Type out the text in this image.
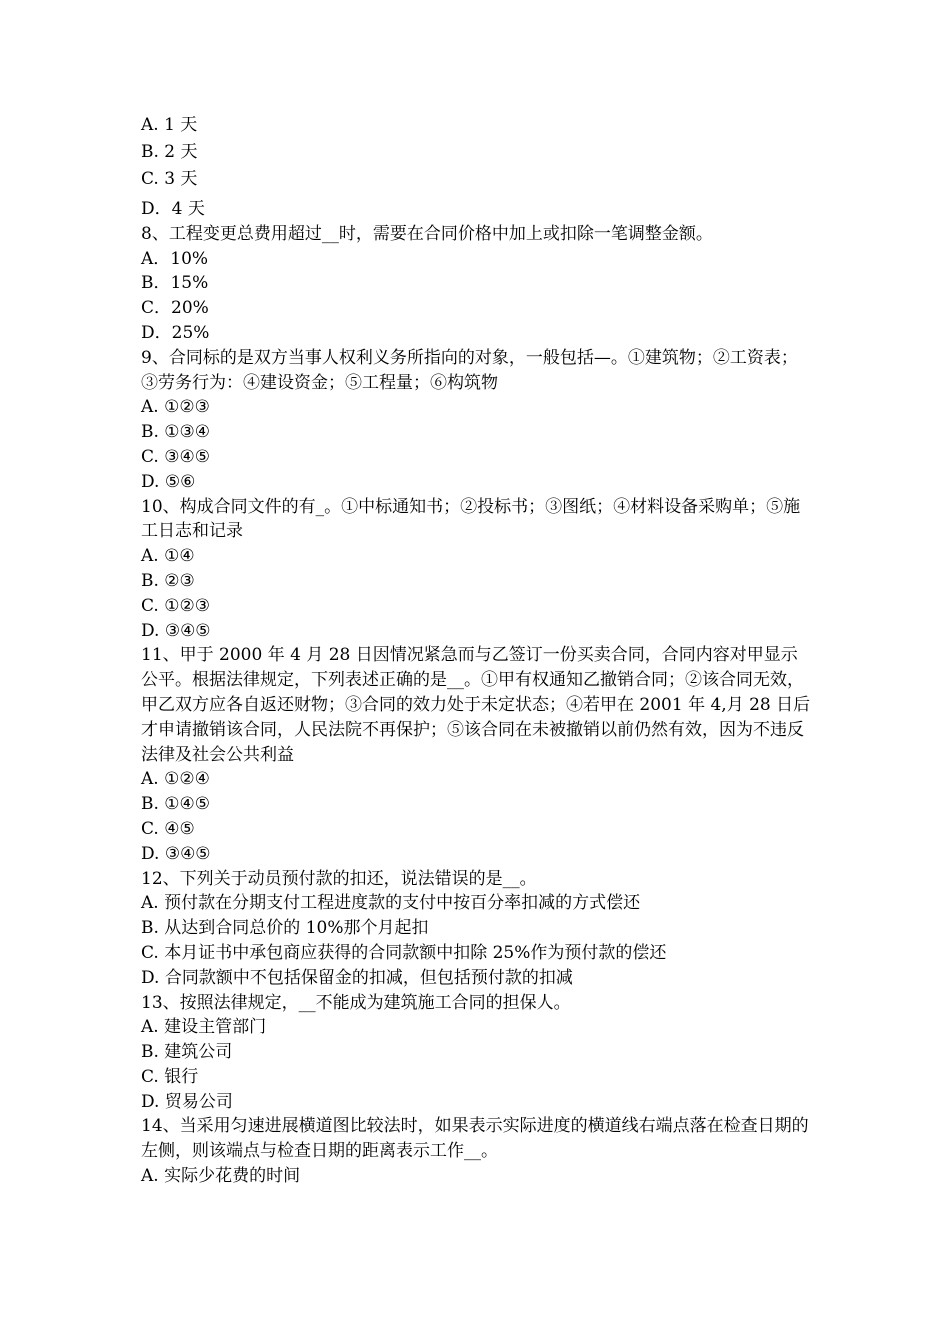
A. 1 天
B. 2 天
C. 3 天
D．4 天
8、工程变更总费用超过__时，需要在合同价格中加上或扣除一笔调整金额。
A．10%
B．15%
C．20%
D．25%
9、合同标的是双方当事人权利义务所指向的对象，一般包括—。①建筑物；②工资表；③劳务行为：④建设资金；⑤工程量；⑥构筑物
A. ①②③
B. ①③④
C. ③④⑤
D. ⑤⑥
10、构成合同文件的有_。①中标通知书；②投标书；③图纸；④材料设备采购单；⑤施工日志和记录
A. ①④
B. ②③
C. ①②③
D. ③④⑤
11、甲于 2000 年 4 月 28 日因情况紧急而与乙签订一份买卖合同，合同内容对甲显示公平。根据法律规定，下列表述正确的是__。①甲有权通知乙撤销合同；②该合同无效，甲乙双方应各自返还财物；③合同的效力处于未定状态；④若甲在 2001 年 4,月 28 日后才申请撤销该合同，人民法院不再保护；⑤该合同在未被撤销以前仍然有效，因为不违反法律及社会公共利益
A. ①②④
B. ①④⑤
C. ④⑤
D. ③④⑤
12、下列关于动员预付款的扣还，说法错误的是__。
A. 预付款在分期支付工程进度款的支付中按百分率扣减的方式偿还
B. 从达到合同总价的 10%那个月起扣
C. 本月证书中承包商应获得的合同款额中扣除 25%作为预付款的偿还
D. 合同款额中不包括保留金的扣减，但包括预付款的扣减
13、按照法律规定，__不能成为建筑施工合同的担保人。
A. 建设主管部门
B. 建筑公司
C. 银行
D. 贸易公司
14、当采用匀速进展横道图比较法时，如果表示实际进度的横道线右端点落在检查日期的左侧，则该端点与检查日期的距离表示工作__。
A. 实际少花费的时间
